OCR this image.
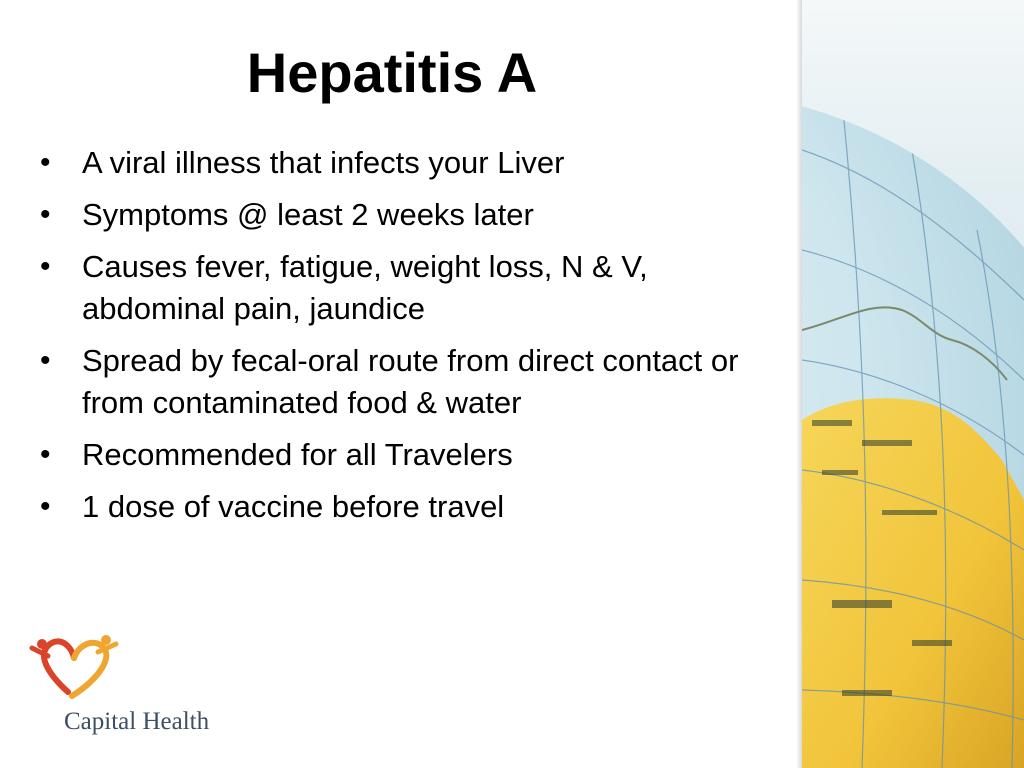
Hepatitis A
• A viral illness that infects your Liver
• Symptoms @ least 2 weeks later
• Causes fever, fatigue, weight loss, N & V, abdominal pain, jaundice
• Spread by fecal-oral route from direct contact or from contaminated food & water
• Recommended for all Travelers
• 1 dose of vaccine before travel
Capital Health
